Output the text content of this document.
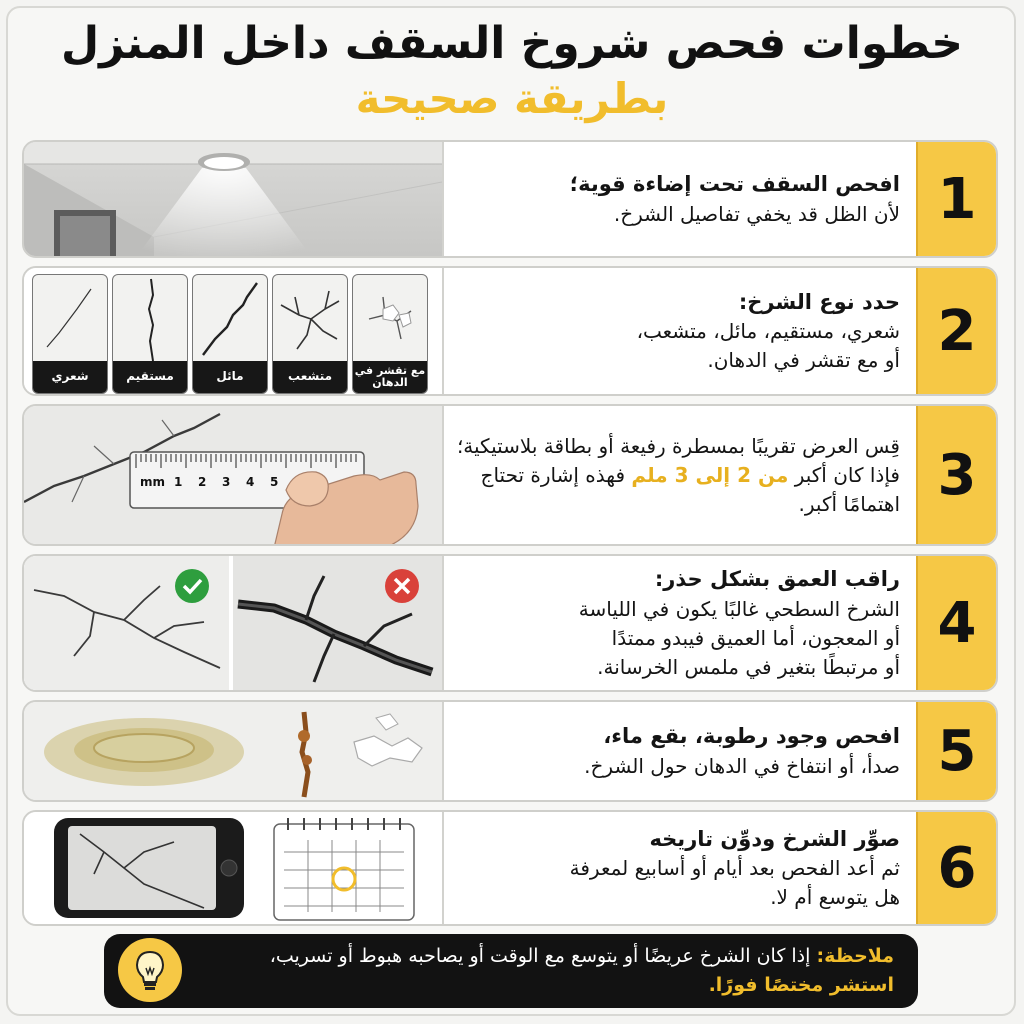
خطوات فحص شروخ السقف داخل المنزل
بطريقة صحيحة
افحص السقف تحت إضاءة قوية؛
لأن الظل قد يخفي تفاصيل الشرخ. 1
شعري	مستقيم	مائل	متشعب	مع تقشر في الدهان
حدد نوع الشرخ:
شعري، مستقيم، مائل، متشعب،
أو مع تقشر في الدهان. 2
mm 1 2 3 4 5
قِس العرض تقريبًا بمسطرة رفيعة أو بطاقة بلاستيكية؛ فإذا كان أكبر من 2 إلى 3 ملم فهذه إشارة تحتاج اهتمامًا أكبر. 3
راقب العمق بشكل حذر:
الشرخ السطحي غالبًا يكون في اللياسة
أو المعجون، أما العميق فيبدو ممتدًا
أو مرتبطًا بتغير في ملمس الخرسانة.
4
افحص وجود رطوبة، بقع ماء،
صدأ، أو انتفاخ في الدهان حول الشرخ. 5
صوِّر الشرخ ودوِّن تاريخه
ثم أعد الفحص بعد أيام أو أسابيع لمعرفة
هل يتوسع أم لا. 6
ملاحظة: إذا كان الشرخ عريضًا أو يتوسع مع الوقت أو يصاحبه هبوط أو تسريب،
استشر مختصًا فورًا.
